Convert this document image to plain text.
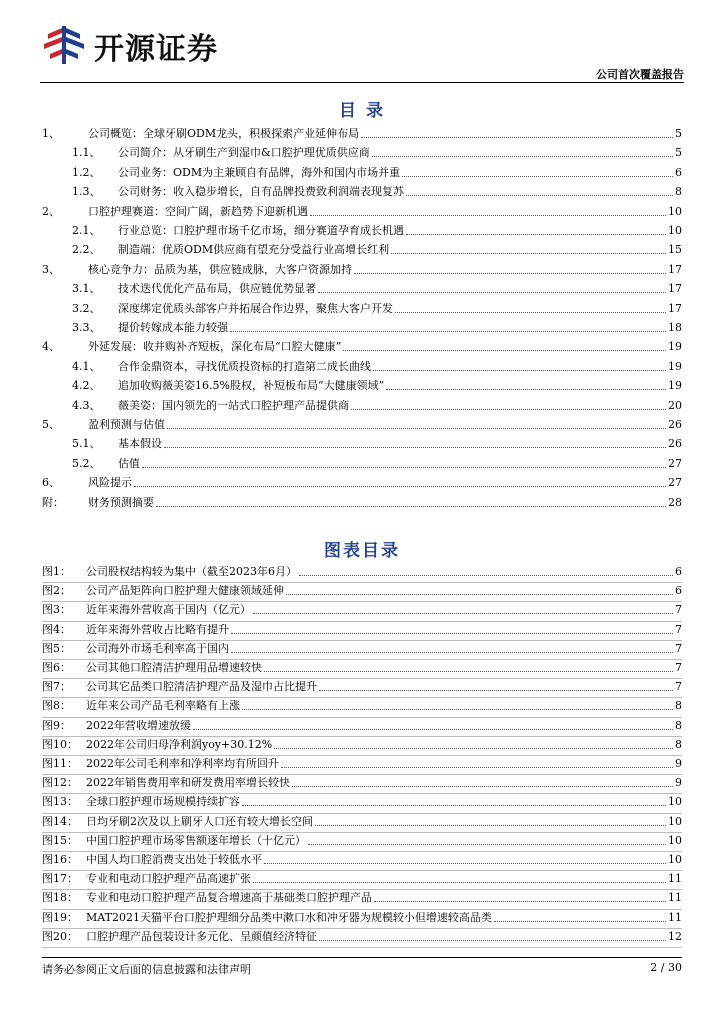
开源证券
公司首次覆盖报告
目 录
1、	公司概览：全球牙刷ODM龙头，积极探索产业延伸布局	5
1.1、	公司简介：从牙刷生产到湿巾&口腔护理优质供应商	5
1.2、	公司业务：ODM为主兼顾自有品牌，海外和国内市场并重	6
1.3、	公司财务：收入稳步增长，自有品牌投费致利润端表现复苏	8
2、	口腔护理赛道：空间广阔，新趋势下迎新机遇	10
2.1、	行业总览：口腔护理市场千亿市场，细分赛道孕育成长机遇	10
2.2、	制造端：优质ODM供应商有望充分受益行业高增长红利	15
3、	核心竞争力：品质为基，供应链成脉，大客户资源加持	17
3.1、	技术迭代优化产品布局，供应链优势显著	17
3.2、	深度绑定优质头部客户并拓展合作边界，聚焦大客户开发	17
3.3、	提价转嫁成本能力较强	18
4、	外延发展：收并购补齐短板，深化布局“口腔大健康”	19
4.1、	合作金鼎资本，寻找优质投资标的打造第二成长曲线	19
4.2、	追加收购薇美姿16.5%股权，补短板布局“大健康领域”	19
4.3、	薇美姿：国内领先的一站式口腔护理产品提供商	20
5、	盈利预测与估值	26
5.1、	基本假设	26
5.2、	估值	27
6、	风险提示	27
附：	财务预测摘要	28
图表目录
图1：	公司股权结构较为集中（截至2023年6月）	6
图2：	公司产品矩阵向口腔护理大健康领域延伸	6
图3：	近年来海外营收高于国内（亿元）	7
图4：	近年来海外营收占比略有提升	7
图5：	公司海外市场毛利率高于国内	7
图6：	公司其他口腔清洁护理用品增速较快	7
图7：	公司其它品类口腔清洁护理产品及湿巾占比提升	7
图8：	近年来公司产品毛利率略有上涨	8
图9：	2022年营收增速放缓	8
图10： 2022年公司归母净利润yoy+30.12%	8
图11： 2022年公司毛利率和净利率均有所回升	9
图12： 2022年销售费用率和研发费用率增长较快	9
图13： 全球口腔护理市场规模持续扩容	10
图14： 日均牙刷2次及以上刷牙人口还有较大增长空间	10
图15： 中国口腔护理市场零售额逐年增长（十亿元）	10
图16： 中国人均口腔消费支出处于较低水平	10
图17： 专业和电动口腔护理产品高速扩张	11
图18： 专业和电动口腔护理产品复合增速高于基础类口腔护理产品	11
图19： MAT2021天猫平台口腔护理细分品类中漱口水和冲牙器为规模较小但增速较高品类	11
图20： 口腔护理产品包装设计多元化、呈颜值经济特征	12
请务必参阅正文后面的信息披露和法律声明	2 / 30
